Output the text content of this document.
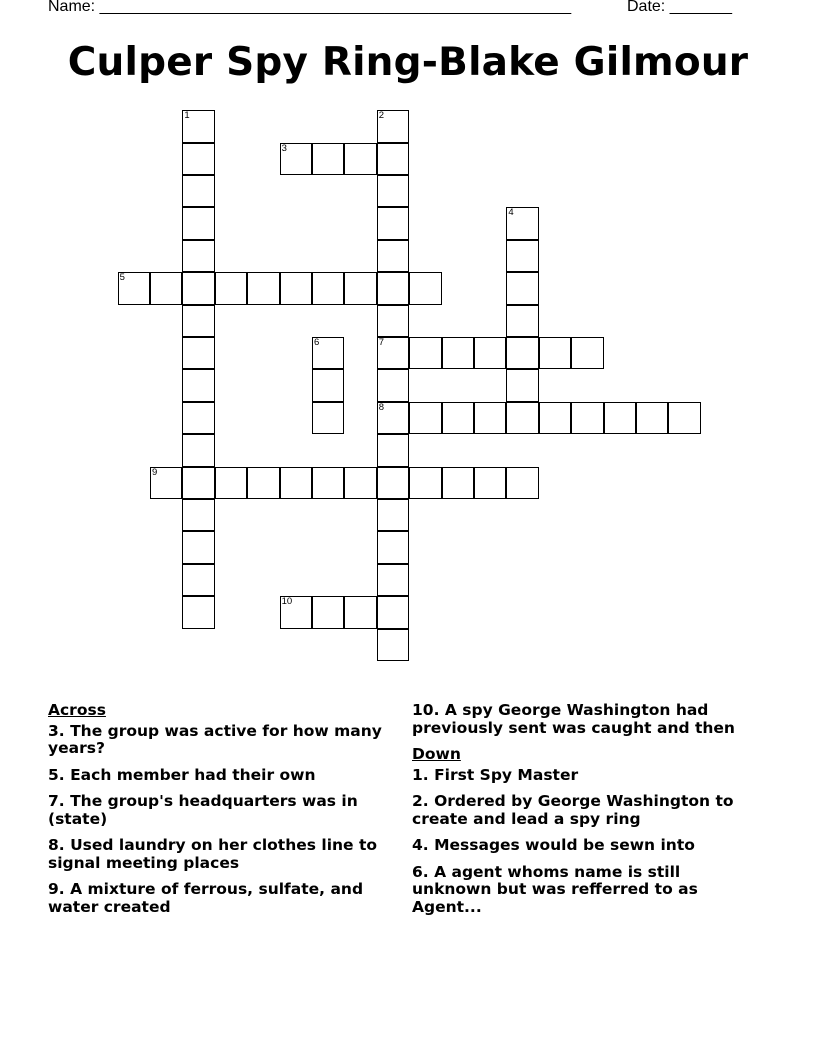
Name: _____________________________________________________	Date: _______
Culper Spy Ring-Blake Gilmour
1	2
7
8
3
4
5
6
9
10
Across
3. The group was active for how many years?
5. Each member had their own
7. The group's headquarters was in (state)
8. Used laundry on her clothes line to signal meeting places
9. A mixture of ferrous, sulfate, and water created
10. A spy George Washington had previously sent was caught and then
Down
1. First Spy Master
2. Ordered by George Washington to create and lead a spy ring
4. Messages would be sewn into
6. A agent whoms name is still unknown but was refferred to as Agent...
